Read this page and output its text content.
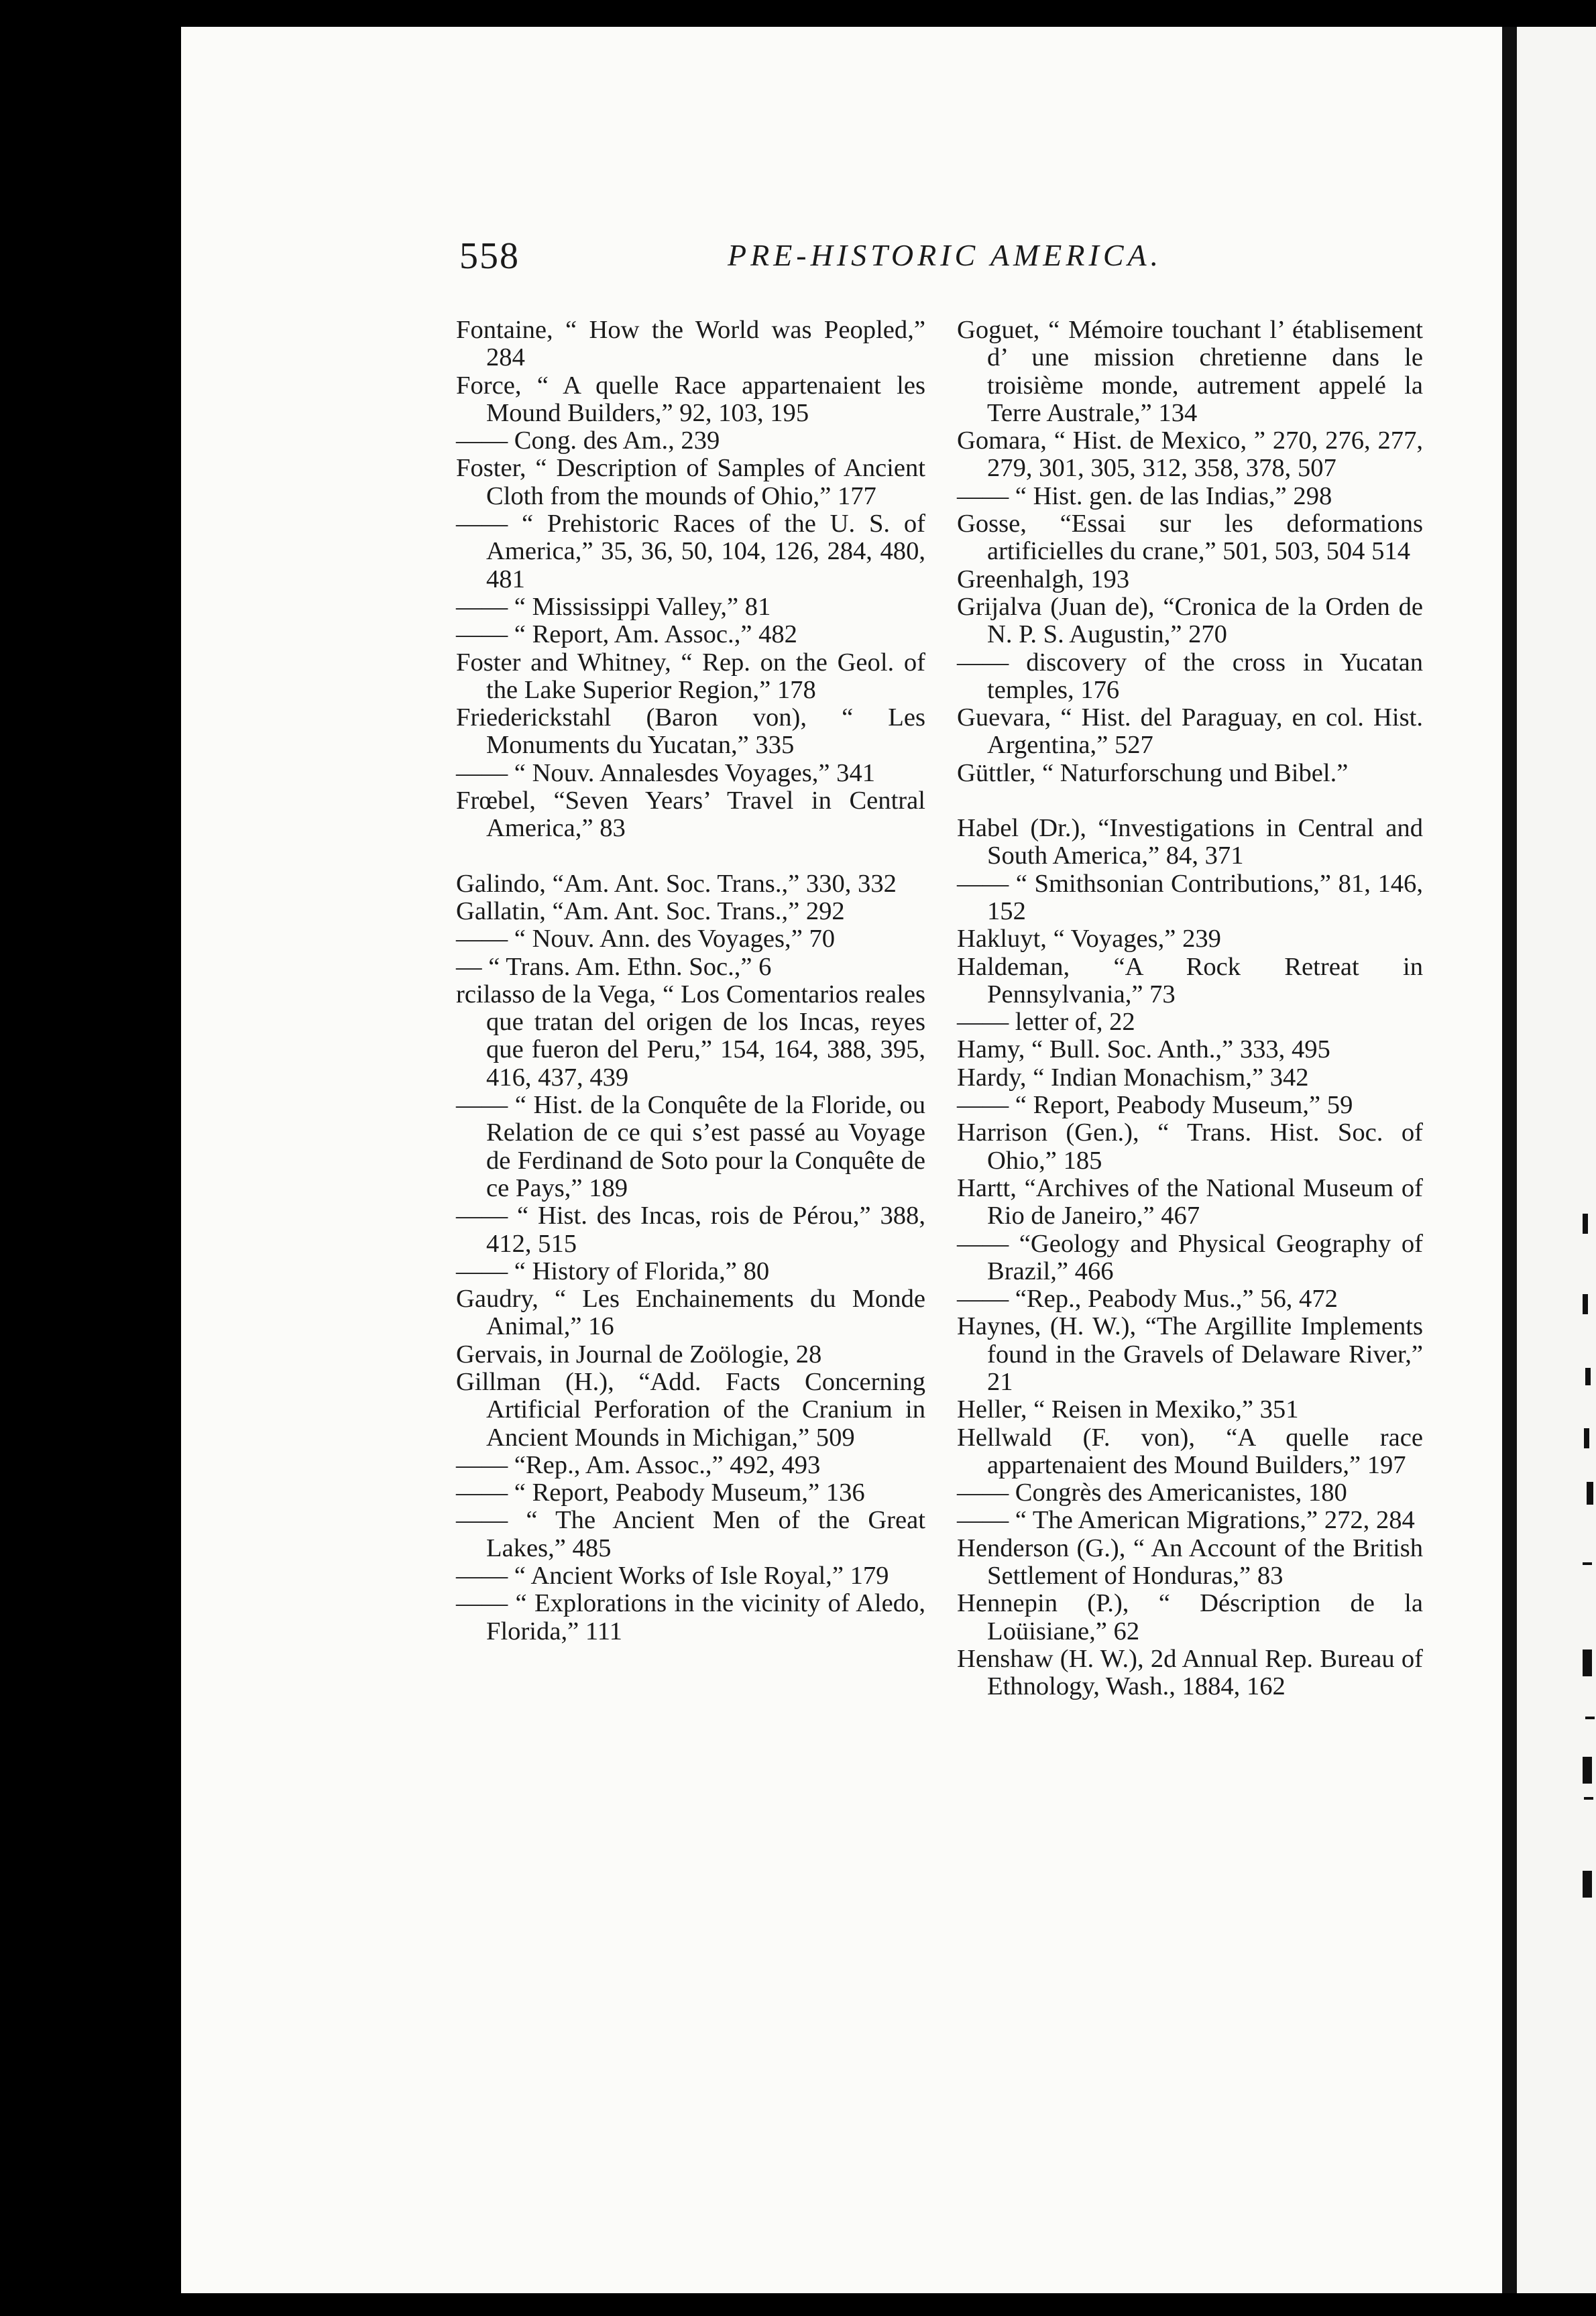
558	PRE-HISTORIC AMERICA.

Fontaine, “ How the World was Peopled,” 284

Force, “ A quelle Race appartenaient les Mound Builders,” 92, 103, 195

—— Cong. des Am., 239

Foster, “ Description of Samples of Ancient Cloth from the mounds of Ohio,” 177

—— “ Prehistoric Races of the U. S. of America,” 35, 36, 50, 104, 126, 284, 480, 481

—— “ Mississippi Valley,” 81

—— “ Report, Am. Assoc.,” 482

Foster and Whitney, “ Rep. on the Geol. of the Lake Superior Region,” 178

Friederickstahl (Baron von), “ Les Monuments du Yucatan,” 335

—— “ Nouv. Annalesdes Voyages,” 341

Frœbel, “Seven Years’ Travel in Central America,” 83

Galindo, “Am. Ant. Soc. Trans.,” 330, 332

Gallatin, “Am. Ant. Soc. Trans.,” 292

—— “ Nouv. Ann. des Voyages,” 70

— “ Trans. Am. Ethn. Soc.,” 6

rcilasso de la Vega, “ Los Comentarios reales que tratan del origen de los Incas, reyes que fueron del Peru,” 154, 164, 388, 395, 416, 437, 439

—— “ Hist. de la Conquête de la Floride, ou Relation de ce qui s’est passé au Voyage de Ferdinand de Soto pour la Conquête de ce Pays,” 189

—— “ Hist. des Incas, rois de Pérou,” 388, 412, 515

—— “ History of Florida,” 80

Gaudry, “ Les Enchainements du Monde Animal,” 16

Gervais, in Journal de Zoölogie, 28

Gillman (H.), “Add. Facts Concerning Artificial Perforation of the Cranium in Ancient Mounds in Michigan,” 509

—— “Rep., Am. Assoc.,” 492, 493

—— “ Report, Peabody Museum,” 136

—— “ The Ancient Men of the Great Lakes,” 485

—— “ Ancient Works of Isle Royal,” 179

—— “ Explorations in the vicinity of Aledo, Florida,” 111

Goguet, “ Mémoire touchant l’ établisement d’ une mission chretienne dans le troisième monde, autrement appelé la Terre Australe,” 134

Gomara, “ Hist. de Mexico, ” 270, 276, 277, 279, 301, 305, 312, 358, 378, 507

—— “ Hist. gen. de las Indias,” 298

Gosse, “Essai sur les deformations artificielles du crane,” 501, 503, 504 514

Greenhalgh, 193

Grijalva (Juan de), “Cronica de la Orden de N. P. S. Augustin,” 270

—— discovery of the cross in Yucatan temples, 176

Guevara, “ Hist. del Paraguay, en col. Hist. Argentina,” 527

Güttler, “ Naturforschung und Bibel.”

Habel (Dr.), “Investigations in Central and South America,” 84, 371

—— “ Smithsonian Contributions,” 81, 146, 152

Hakluyt, “ Voyages,” 239

Haldeman, “A Rock Retreat in Pennsylvania,” 73

—— letter of, 22

Hamy, “ Bull. Soc. Anth.,” 333, 495

Hardy, “ Indian Monachism,” 342

—— “ Report, Peabody Museum,” 59

Harrison (Gen.), “ Trans. Hist. Soc. of Ohio,” 185

Hartt, “Archives of the National Museum of Rio de Janeiro,” 467

—— “Geology and Physical Geography of Brazil,” 466

—— “Rep., Peabody Mus.,” 56, 472

Haynes, (H. W.), “The Argillite Implements found in the Gravels of Delaware River,” 21

Heller, “ Reisen in Mexiko,” 351

Hellwald (F. von), “A quelle race appartenaient des Mound Builders,” 197

—— Congrès des Americanistes, 180

—— “ The American Migrations,” 272, 284

Henderson (G.), “ An Account of the British Settlement of Honduras,” 83

Hennepin (P.), “ Déscription de la Loüisiane,” 62

Henshaw (H. W.), 2d Annual Rep. Bureau of Ethnology, Wash., 1884, 162
